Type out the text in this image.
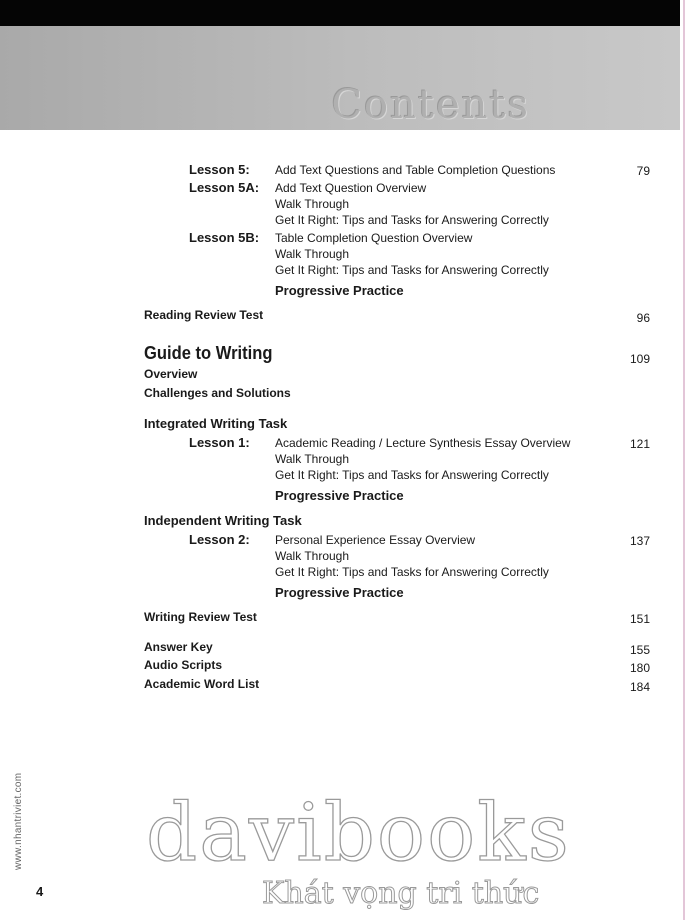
Contents
Lesson 5: Add Text Questions and Table Completion Questions	79
Lesson 5A: Add Text Question Overview
Walk Through
Get It Right: Tips and Tasks for Answering Correctly
Lesson 5B: Table Completion Question Overview
Walk Through
Get It Right: Tips and Tasks for Answering Correctly
Progressive Practice
Reading Review Test	96
Guide to Writing	109
Overview
Challenges and Solutions
Integrated Writing Task
Lesson 1: Academic Reading / Lecture Synthesis Essay Overview	121
Walk Through
Get It Right: Tips and Tasks for Answering Correctly
Progressive Practice
Independent Writing Task
Lesson 2: Personal Experience Essay Overview	137
Walk Through
Get It Right: Tips and Tasks for Answering Correctly
Progressive Practice
Writing Review Test	151
Answer Key	155
Audio Scripts	180
Academic Word List	184
www.nhantriviet.com
4
davibooks
Khát vọng tri thức
